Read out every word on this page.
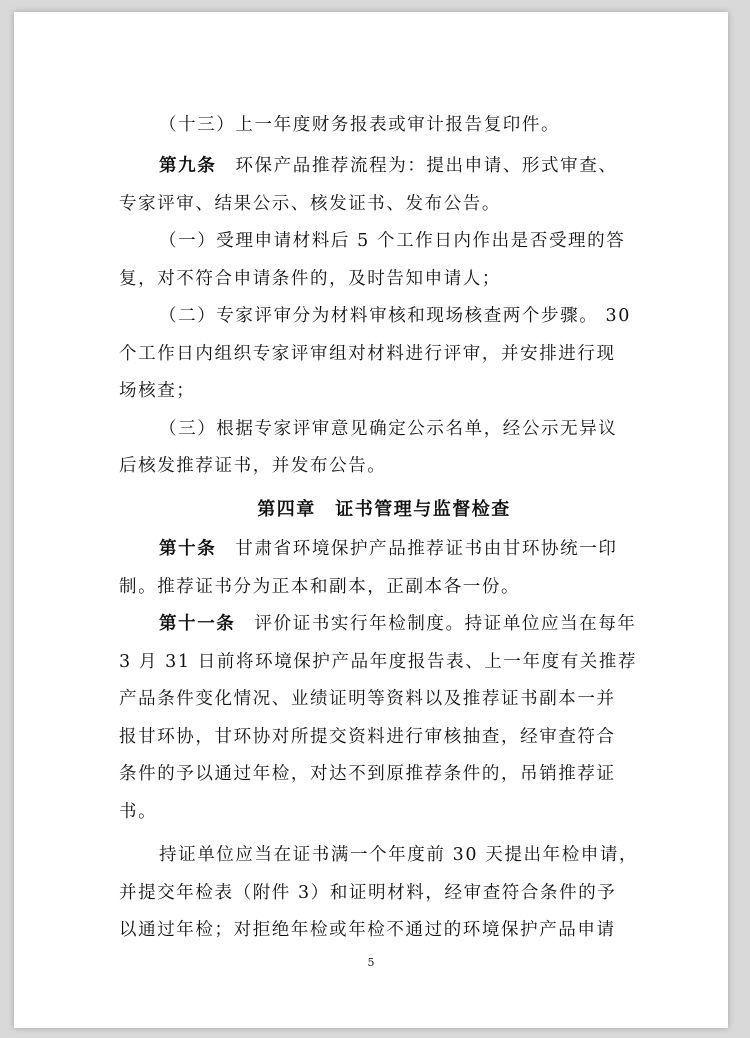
（十三）上一年度财务报表或审计报告复印件。
第九条　 环保产品推荐流程为：提出申请、形式审查、
专家评审、结果公示、核发证书、发布公告。
（一）受理申请材料后 5 个工作日内作出是否受理的答
复，对不符合申请条件的，及时告知申请人；
（二）专家评审分为材料审核和现场核查两个步骤。 30
个工作日内组织专家评审组对材料进行评审，并安排进行现
场核查；
（三）根据专家评审意见确定公示名单，经公示无异议
后核发推荐证书，并发布公告。
第四章　证书管理与监督检查
第十条　 甘肃省环境保护产品推荐证书由甘环协统一印
制。推荐证书分为正本和副本，正副本各一份。
第十一条　 评价证书实行年检制度。持证单位应当在每年
3 月 31 日前将环境保护产品年度报告表、上一年度有关推荐
产品条件变化情况、业绩证明等资料以及推荐证书副本一并
报甘环协，甘环协对所提交资料进行审核抽查，经审查符合
条件的予以通过年检，对达不到原推荐条件的，吊销推荐证
书。
持证单位应当在证书满一个年度前 30 天提出年检申请，
并提交年检表（附件 3）和证明材料，经审查符合条件的予
以通过年检；对拒绝年检或年检不通过的环境保护产品申请
5
